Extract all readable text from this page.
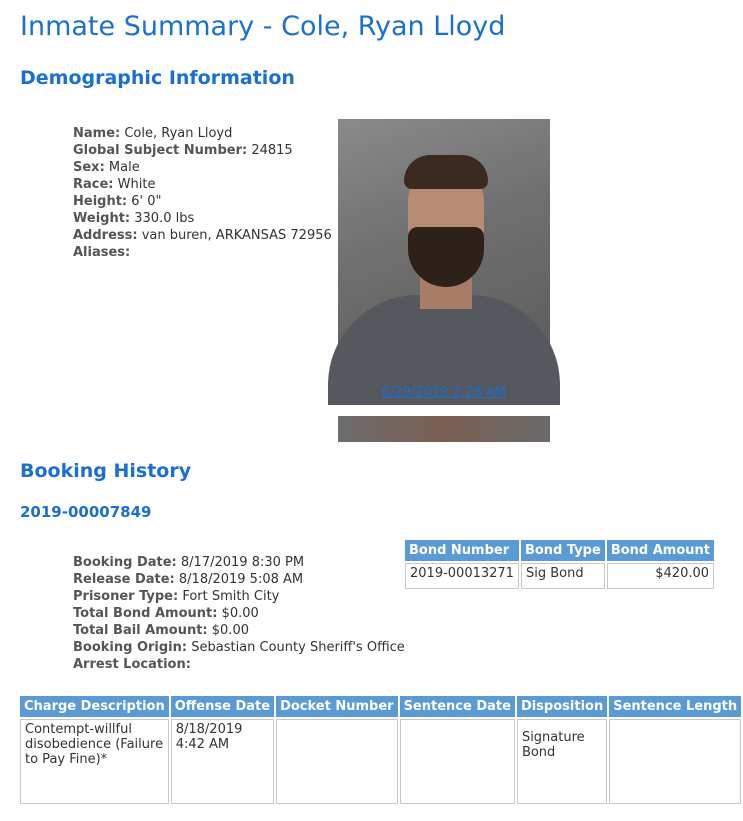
Inmate Summary - Cole, Ryan Lloyd
Demographic Information
Name: Cole, Ryan Lloyd
Global Subject Number: 24815
Sex: Male
Race: White
Height: 6' 0"
Weight: 330.0 lbs
Address: van buren, ARKANSAS 72956
Aliases:
6/29/2019 2:28 AM
Booking History
2019-00007849
Booking Date: 8/17/2019 8:30 PM
Release Date: 8/18/2019 5:08 AM
Prisoner Type: Fort Smith City
Total Bond Amount: $0.00
Total Bail Amount: $0.00
Booking Origin: Sebastian County Sheriff's Office
Arrest Location:
Bond Number	Bond Type	Bond Amount
2019-00013271	Sig Bond	$420.00
Charge Description	Offense Date	Docket Number	Sentence Date	Disposition	Sentence Length
Contempt-willful disobedience (Failure to Pay Fine)*	8/18/2019 4:42 AM			Signature Bond	
